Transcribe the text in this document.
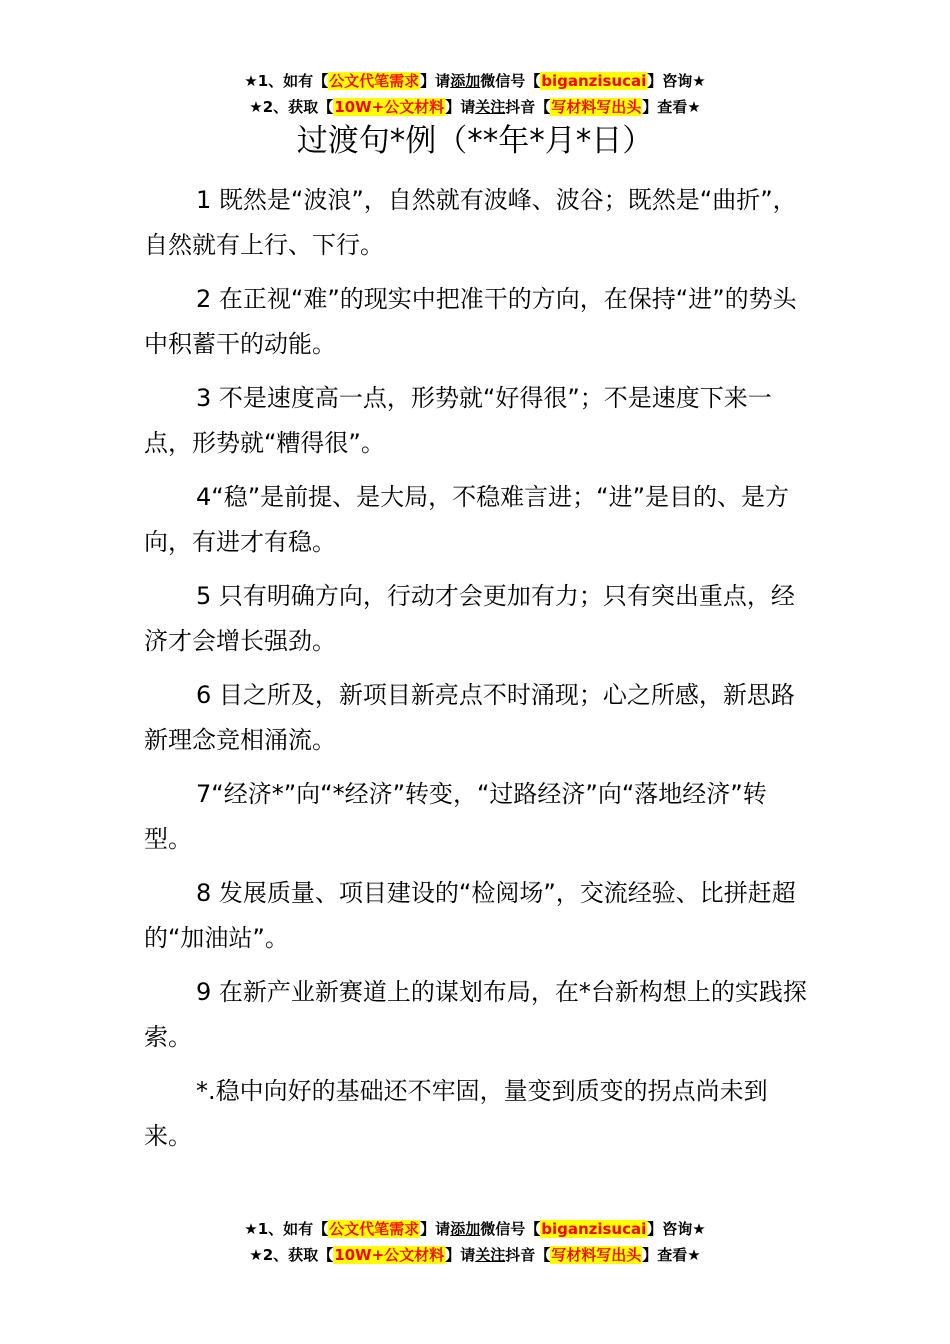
★1、如有【公文代笔需求】请添加微信号【biganzisucai】咨询★
★2、获取【10W+公文材料】请关注抖音【写材料写出头】查看★
过渡句*例（**年*月*日）

1 既然是“波浪”，自然就有波峰、波谷；既然是“曲折”，自然就有上行、下行。

2 在正视“难”的现实中把准干的方向，在保持“进”的势头中积蓄干的动能。

3 不是速度高一点，形势就“好得很”；不是速度下来一点，形势就“糟得很”。

4“稳”是前提、是大局，不稳难言进；“进”是目的、是方向，有进才有稳。

5 只有明确方向，行动才会更加有力；只有突出重点，经济才会增长强劲。

6 目之所及，新项目新亮点不时涌现；心之所感，新思路新理念竞相涌流。

7“经济*”向“*经济”转变，“过路经济”向“落地经济”转型。

8 发展质量、项目建设的“检阅场”，交流经验、比拼赶超的“加油站”。

9 在新产业新赛道上的谋划布局，在*台新构想上的实践探索。

*.稳中向好的基础还不牢固，量变到质变的拐点尚未到来。

★1、如有【公文代笔需求】请添加微信号【biganzisucai】咨询★
★2、获取【10W+公文材料】请关注抖音【写材料写出头】查看★
